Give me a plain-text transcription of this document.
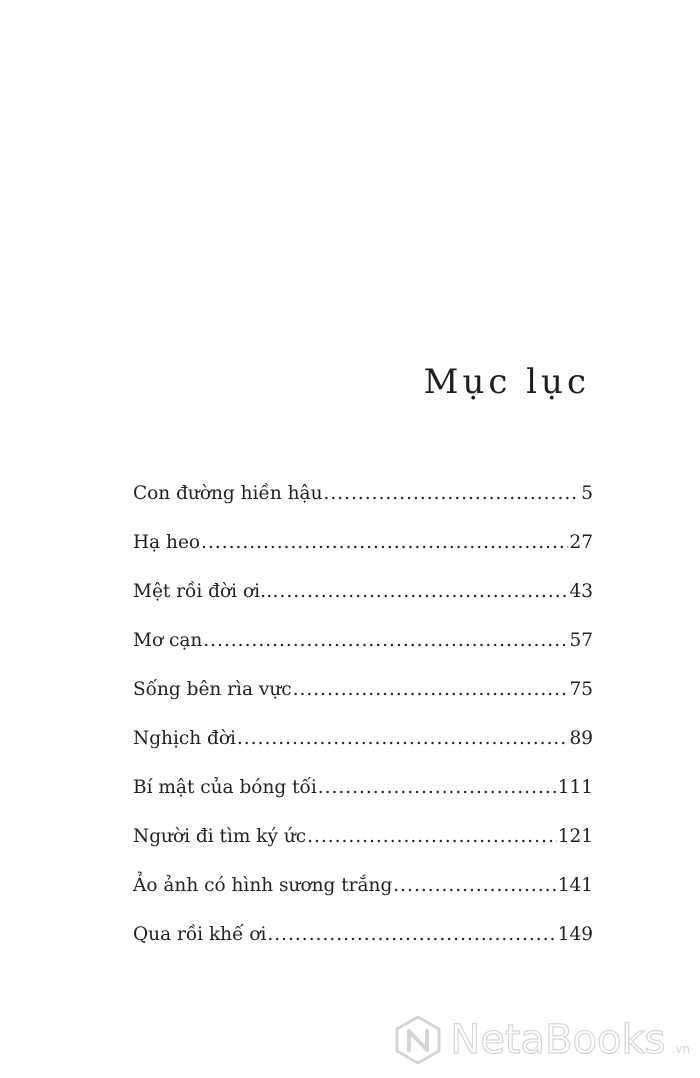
Mục lục
Con đường hiền hậu .....	5
Hạ heo .....	27
Mệt rồi đời ơi… .....	43
Mơ cạn .....	57
Sống bên rìa vực .....	75
Nghịch đời .....	89
Bí mật của bóng tối .....	111
Người đi tìm ký ức .....	121
Ảo ảnh có hình sương trắng .....	141
Qua rồi khế ơi .....	149
NetaBooks .vn
